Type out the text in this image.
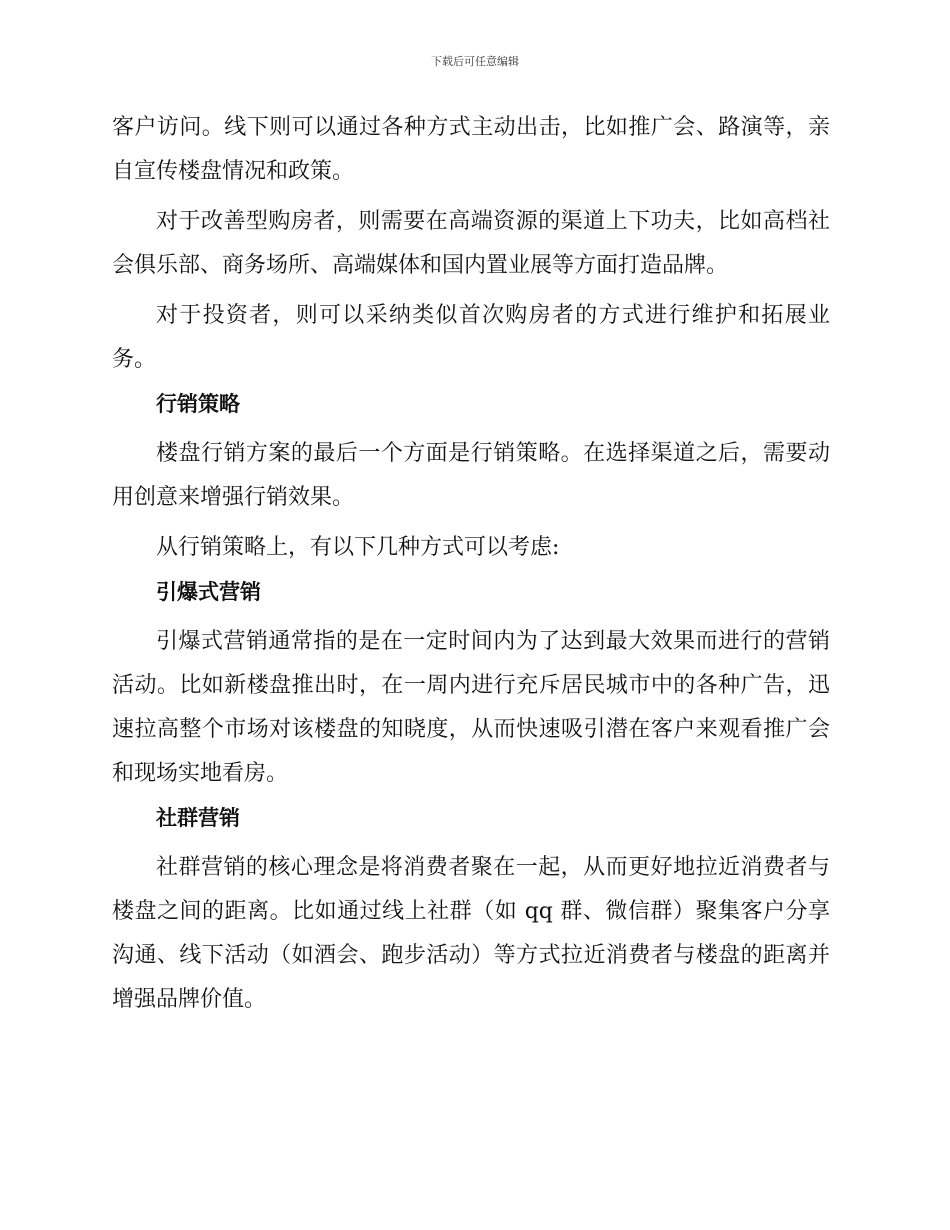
下载后可任意编辑

客户访问。线下则可以通过各种方式主动出击，比如推广会、路演等，亲自宣传楼盘情况和政策。

对于改善型购房者，则需要在高端资源的渠道上下功夫，比如高档社会俱乐部、商务场所、高端媒体和国内置业展等方面打造品牌。

对于投资者，则可以采纳类似首次购房者的方式进行维护和拓展业务。

行销策略

楼盘行销方案的最后一个方面是行销策略。在选择渠道之后，需要动用创意来增强行销效果。

从行销策略上，有以下几种方式可以考虑:

引爆式营销

引爆式营销通常指的是在一定时间内为了达到最大效果而进行的营销活动。比如新楼盘推出时，在一周内进行充斥居民城市中的各种广告，迅速拉高整个市场对该楼盘的知晓度，从而快速吸引潜在客户来观看推广会和现场实地看房。

社群营销

社群营销的核心理念是将消费者聚在一起，从而更好地拉近消费者与楼盘之间的距离。比如通过线上社群（如 qq 群、微信群）聚集客户分享沟通、线下活动（如酒会、跑步活动）等方式拉近消费者与楼盘的距离并增强品牌价值。
